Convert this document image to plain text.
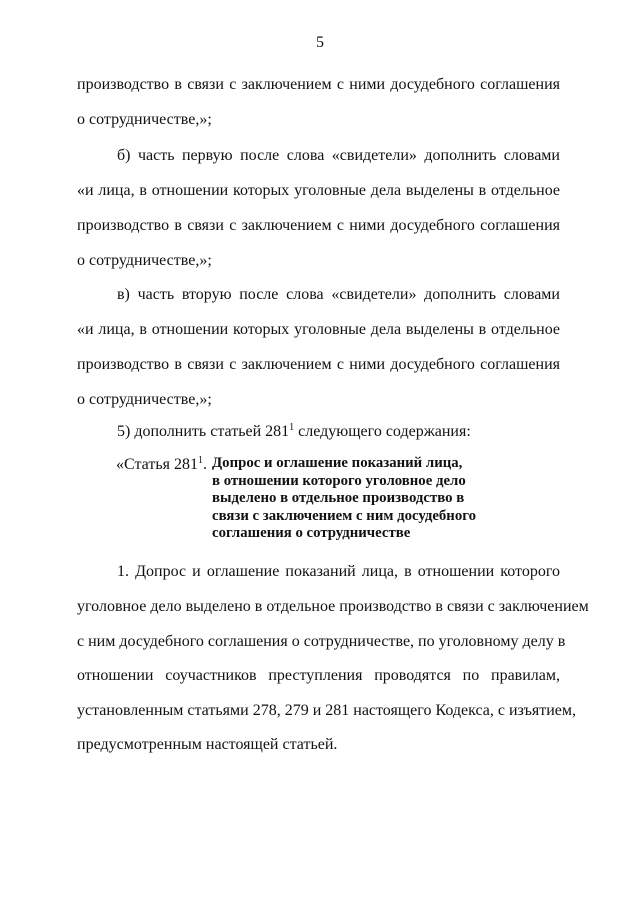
5
производство в связи с заключением с ними досудебного соглашения
о сотрудничестве,»;
б) часть первую после слова «свидетели» дополнить словами
«и лица, в отношении которых уголовные дела выделены в отдельное
производство в связи с заключением с ними досудебного соглашения
о сотрудничестве,»;
в) часть вторую после слова «свидетели» дополнить словами
«и лица, в отношении которых уголовные дела выделены в отдельное
производство в связи с заключением с ними досудебного соглашения
о сотрудничестве,»;
5) дополнить статьей $281^1$ следующего содержания:
«Статья $281^1$. Допрос и оглашение показаний лица,
в отношении которого уголовное дело
выделено в отдельное производство в
связи с заключением с ним досудебного
соглашения о сотрудничестве
1. Допрос и оглашение показаний лица, в отношении которого
уголовное дело выделено в отдельное производство в связи с заключением
с ним досудебного соглашения о сотрудничестве, по уголовному делу в
отношении соучастников преступления проводятся по правилам,
установленным статьями 278, 279 и 281 настоящего Кодекса, с изъятием,
предусмотренным настоящей статьей.
